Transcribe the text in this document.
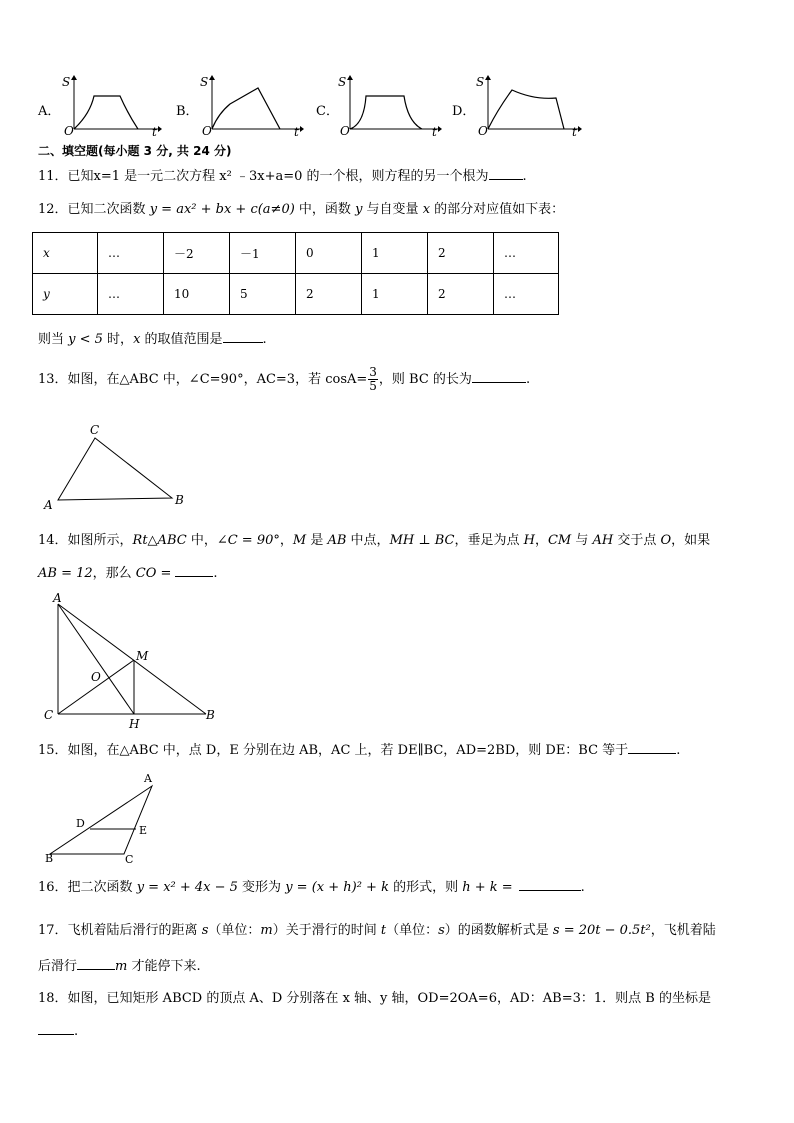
A．
S
O	t
B．
S
O	t
C．
S
O	t
D．
S
O	t
二、填空题(每小题 3 分, 共 24 分)
11．已知x=1 是一元二次方程 x² ﹣3x+a=0 的一个根，则方程的另一个根为	.
12．已知二次函数 y = ax² + bx + c(a≠0) 中，函数 y 与自变量 x 的部分对应值如下表：
x	…	－2	－1	0	1	2	…
y	…	10	5	2	1	2	…
则当 y < 5 时，x 的取值范围是	.
13．如图，在△ABC 中，∠C=90°，AC=3，若 $\cos A= \frac{3}{5}$ ，则 BC 的长为	.
C
A	B
14．如图所示，Rt△ABC 中，∠C = 90°，M 是 AB 中点，MH ⊥ BC，垂足为点 H，CM 与 AH 交于点 O，如果
AB = 12，那么 CO =	.
A
M
O
C
H
B
15．如图，在△ABC 中，点 D，E 分别在边 AB，AC 上，若 DE∥BC，AD=2BD，则 DE：BC 等于	.
A
D
E
B	C
16．把二次函数 y = x² + 4x − 5 变形为 y = (x + h)² + k 的形式，则 h + k =	.
17．飞机着陆后滑行的距离 s（单位：m）关于滑行的时间 t（单位：s）的函数解析式是 s = 20t − 0.5t²，飞机着陆
后滑行	m 才能停下来.
18．如图，已知矩形 ABCD 的顶点 A、D 分别落在 x 轴、y 轴，OD=2OA=6，AD：AB=3：1．则点 B 的坐标是
.
